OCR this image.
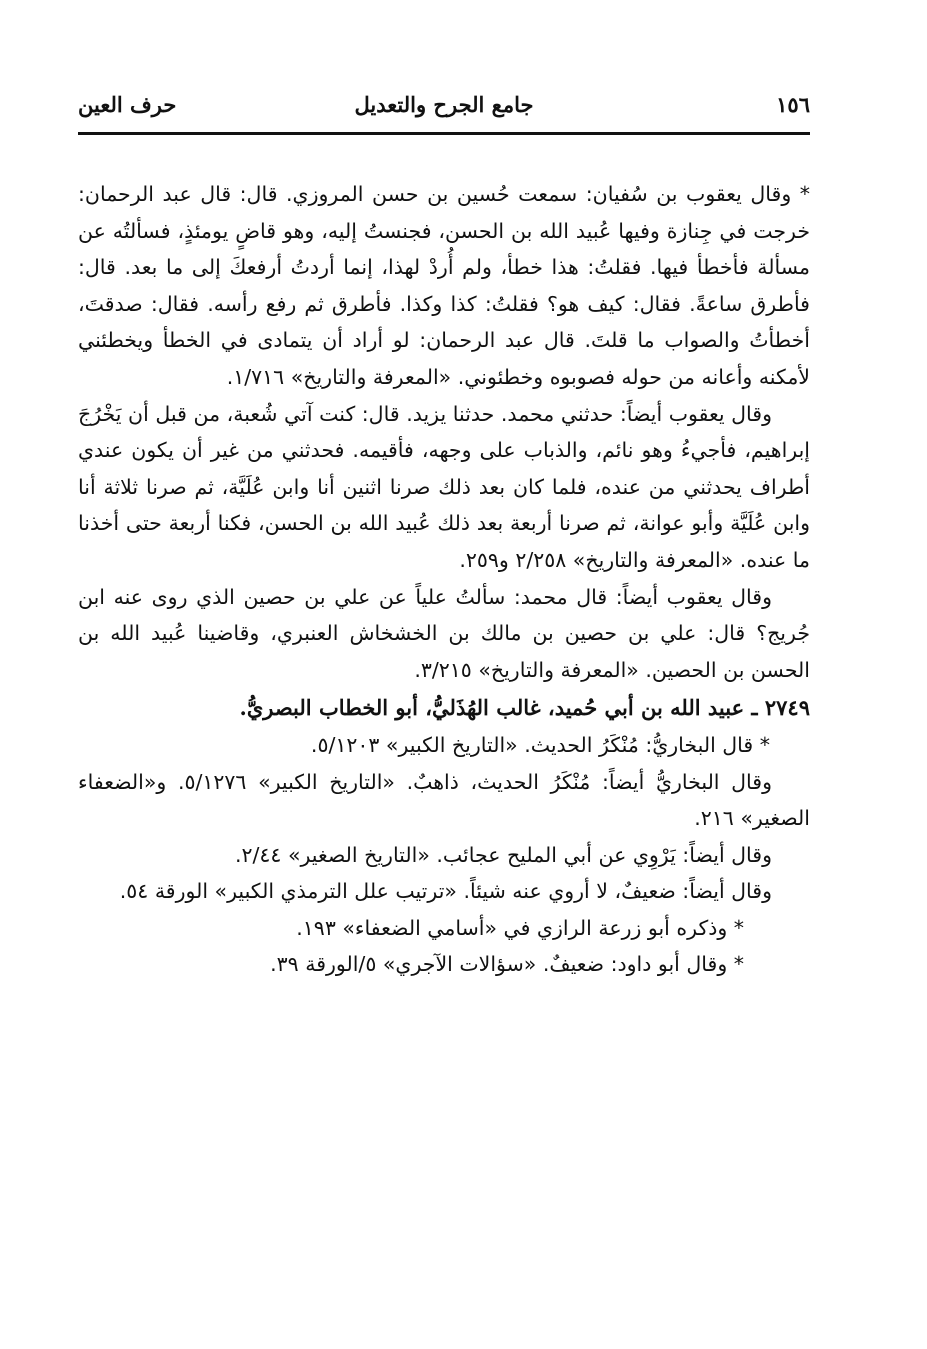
١٥٦
جامع الجرح والتعديل
حرف العين

* وقال يعقوب بن سُفيان: سمعت حُسين بن حسن المروزي. قال: قال عبد الرحمان: خرجت في جِنازة وفيها عُبيد الله بن الحسن، فجنستُ إليه، وهو قاضٍ يومئذٍ، فسألتُه عن مسألة فأخطأ فيها. فقلتُ: هذا خطأ، ولم أُردْ لهذا، إنما أردتُ أرفعكَ إلى ما بعد. قال: فأطرق ساعةً. فقال: كيف هو؟ فقلتُ: كذا وكذا. فأطرق ثم رفع رأسه. فقال: صدقتَ، أخطأتُ والصواب ما قلتَ. قال عبد الرحمان: لو أراد أن يتمادى في الخطأ ويخطئني لأمكنه وأعانه من حوله فصوبوه وخطئوني. «المعرفة والتاريخ» ١/٧١٦.

وقال يعقوب أيضاً: حدثني محمد. حدثنا يزيد. قال: كنت آتي شُعبة، من قبل أن يَخْرُجَ إبراهيم، فأجيءُ وهو نائم، والذباب على وجهه، فأقيمه. فحدثني من غير أن يكون عندي أطراف يحدثني من عنده، فلما كان بعد ذلك صرنا اثنين أنا وابن عُلَيَّة، ثم صرنا ثلاثة أنا وابن عُلَيَّة وأبو عوانة، ثم صرنا أربعة بعد ذلك عُبيد الله بن الحسن، فكنا أربعة حتى أخذنا ما عنده. «المعرفة والتاريخ» ٢/٢٥٨ و٢٥٩.

وقال يعقوب أيضاً: قال محمد: سألتُ علياً عن علي بن حصين الذي روى عنه ابن جُريج؟ قال: علي بن حصين بن مالك بن الخشخاش العنبري، وقاضينا عُبيد الله بن الحسن بن الحصين. «المعرفة والتاريخ» ٣/٢١٥.

٢٧٤٩ ـ عبيد الله بن أبي حُميد، غالب الهُذَليُّ، أبو الخطاب البصريُّ.

* قال البخاريُّ: مُنْكَرُ الحديث. «التاريخ الكبير» ٥/١٢٠٣.

وقال البخاريُّ أيضاً: مُنْكَرُ الحديث، ذاهبٌ. «التاريخ الكبير» ٥/١٢٧٦. و«الضعفاء الصغير» ٢١٦.

وقال أيضاً: يَرْوِي عن أبي المليح عجائب. «التاريخ الصغير» ٢/٤٤.

وقال أيضاً: ضعيفٌ، لا أروي عنه شيئاً. «ترتيب علل الترمذي الكبير» الورقة ٥٤.

* وذكره أبو زرعة الرازي في «أسامي الضعفاء» ١٩٣.

* وقال أبو داود: ضعيفٌ. «سؤالات الآجري» ٥/الورقة ٣٩.
